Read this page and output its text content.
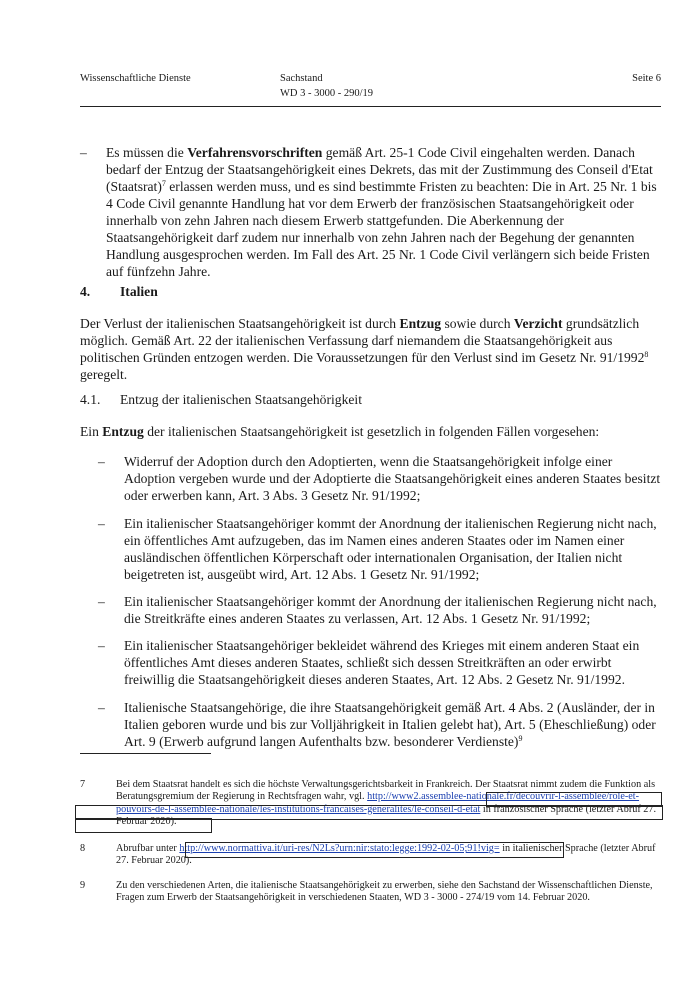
Wissenschaftliche Dienste	Sachstand
WD 3 - 3000 - 290/19
Seite 6
–	Es müssen die Verfahrensvorschriften gemäß Art. 25-1 Code Civil eingehalten werden. Danach bedarf der Entzug der Staatsangehörigkeit eines Dekrets, das mit der Zustimmung des Conseil d'Etat (Staatsrat)$^7$ erlassen werden muss, und es sind bestimmte Fristen zu beachten: Die in Art. 25 Nr. 1 bis 4 Code Civil genannte Handlung hat vor dem Erwerb der französischen Staatsangehörigkeit oder innerhalb von zehn Jahren nach diesem Erwerb stattgefunden. Die Aberkennung der Staatsangehörigkeit darf zudem nur innerhalb von zehn Jahren nach der Begehung der genannten Handlung ausgesprochen werden. Im Fall des Art. 25 Nr. 1 Code Civil verlängern sich beide Fristen auf fünfzehn Jahre.
4. Italien
Der Verlust der italienischen Staatsangehörigkeit ist durch Entzug sowie durch Verzicht grundsätzlich möglich. Gemäß Art. 22 der italienischen Verfassung darf niemandem die Staatsangehörigkeit aus politischen Gründen entzogen werden. Die Voraussetzungen für den Verlust sind im Gesetz Nr. 91/1992$^8$ geregelt.
4.1. Entzug der italienischen Staatsangehörigkeit
Ein Entzug der italienischen Staatsangehörigkeit ist gesetzlich in folgenden Fällen vorgesehen:
–	Widerruf der Adoption durch den Adoptierten, wenn die Staatsangehörigkeit infolge einer Adoption vergeben wurde und der Adoptierte die Staatsangehörigkeit eines anderen Staates besitzt oder erwerben kann, Art. 3 Abs. 3 Gesetz Nr. 91/1992;
–	Ein italienischer Staatsangehöriger kommt der Anordnung der italienischen Regierung nicht nach, ein öffentliches Amt aufzugeben, das im Namen eines anderen Staates oder im Namen einer ausländischen öffentlichen Körperschaft oder internationalen Organisation, der Italien nicht beigetreten ist, ausgeübt wird, Art. 12 Abs. 1 Gesetz Nr. 91/1992;
–	Ein italienischer Staatsangehöriger kommt der Anordnung der italienischen Regierung nicht nach, die Streitkräfte eines anderen Staates zu verlassen, Art. 12 Abs. 1 Gesetz Nr. 91/1992;
–	Ein italienischer Staatsangehöriger bekleidet während des Krieges mit einem anderen Staat ein öffentliches Amt dieses anderen Staates, schließt sich dessen Streitkräften an oder erwirbt freiwillig die Staatsangehörigkeit dieses anderen Staates, Art. 12 Abs. 2 Gesetz Nr. 91/1992.
–	Italienische Staatsangehörige, die ihre Staatsangehörigkeit gemäß Art. 4 Abs. 2 (Ausländer, der in Italien geboren wurde und bis zur Volljährigkeit in Italien gelebt hat), Art. 5 (Eheschließung) oder Art. 9 (Erwerb aufgrund langen Aufenthalts bzw. besonderer Verdienste)$^9$
7	Bei dem Staatsrat handelt es sich die höchste Verwaltungsgerichtsbarkeit in Frankreich. Der Staatsrat nimmt zudem die Funktion als Beratungsgremium der Regierung in Rechtsfragen wahr, vgl. http://www2.assemblee-nationale.fr/decouvrir-l-assemblee/role-et-pouvoirs-de-l-assemblee-nationale/les-institutions-francaises-generalites/le-conseil-d-etat in französischer Sprache (letzter Abruf 27. Februar 2020).
8	Abrufbar unter http://www.normattiva.it/uri-res/N2Ls?urn:nir:stato:legge:1992-02-05;91!vig= in italienischer Sprache (letzter Abruf 27. Februar 2020).
9	Zu den verschiedenen Arten, die italienische Staatsangehörigkeit zu erwerben, siehe den Sachstand der Wissenschaftlichen Dienste, Fragen zum Erwerb der Staatsangehörigkeit in verschiedenen Staaten, WD 3 - 3000 - 274/19 vom 14. Februar 2020.
